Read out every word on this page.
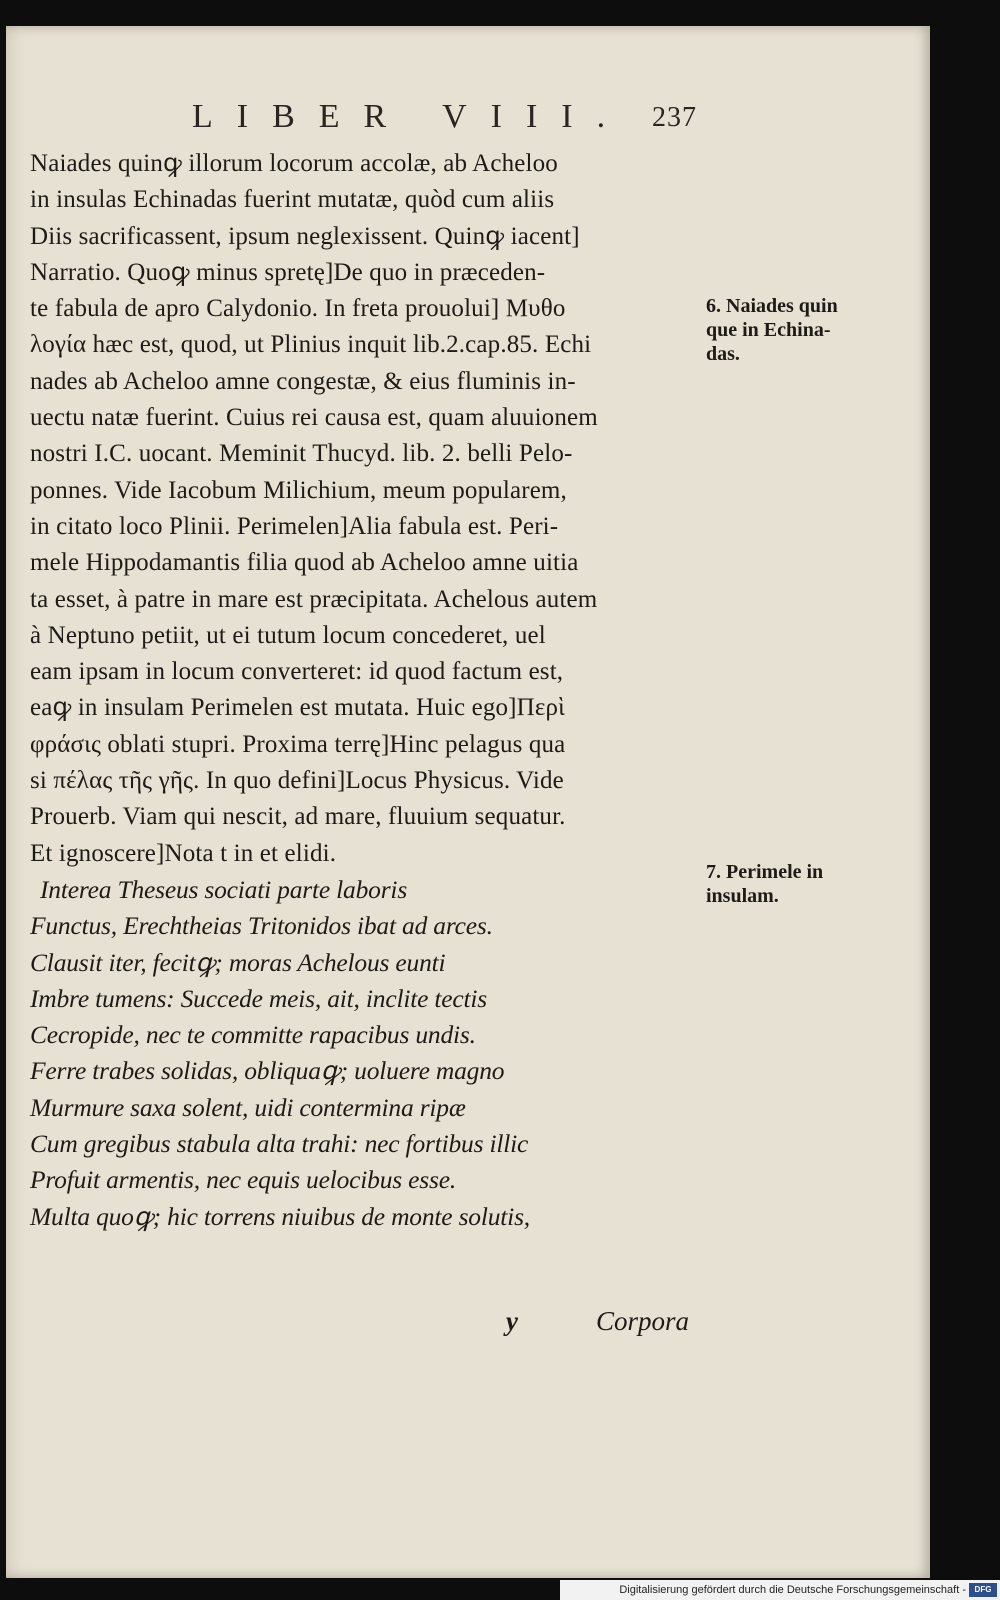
LIBER VIII. 237
Naiades quinꝙ illorum locorum accolæ, ab Acheloo
in insulas Echinadas fuerint mutatæ, quòd cum aliis
Diis sacrificassent, ipsum neglexissent. Quinꝙ iacent]
Narratio. Quoꝙ minus spretę]De quo in præceden-
te fabula de apro Calydonio. In freta prouolui] Μυθο
λογία hæc est, quod, ut Plinius inquit lib.2.cap.85. Echi
nades ab Acheloo amne congestæ, & eius fluminis in-
uectu natæ fuerint. Cuius rei causa est, quam aluuionem
nostri I.C. uocant. Meminit Thucyd. lib. 2. belli Pelo-
ponnes. Vide Iacobum Milichium, meum popularem,
in citato loco Plinii. Perimelen]Alia fabula est. Peri-
mele Hippodamantis filia quod ab Acheloo amne uitia
ta esset, à patre in mare est præcipitata. Achelous autem
à Neptuno petiit, ut ei tutum locum concederet, uel
eam ipsam in locum converteret: id quod factum est,
eaꝙ in insulam Perimelen est mutata. Huic ego]Περὶ
φράσις oblati stupri. Proxima terrę]Hinc pelagus qua
si πέλας τῆς γῆς. In quo defini]Locus Physicus. Vide
Prouerb. Viam qui nescit, ad mare, fluuium sequatur.
Et ignoscere]Nota t in et elidi.
Interea Theseus sociati parte laboris
Functus, Erechtheias Tritonidos ibat ad arces.
Clausit iter, fecitꝙ; moras Achelous eunti
Imbre tumens: Succede meis, ait, inclite tectis
Cecropide, nec te committe rapacibus undis.
Ferre trabes solidas, obliquaꝙ; uoluere magno
Murmure saxa solent, uidi contermina ripæ
Cum gregibus stabula alta trahi: nec fortibus illic
Profuit armentis, nec equis uelocibus esse.
Multa quoꝙ; hic torrens niuibus de monte solutis,
6. Naiades quin
que in Echina-
das.
7. Perimele in
insulam.
y	Corpora
Digitalisierung gefördert durch die Deutsche Forschungsgemeinschaft -	DFG
